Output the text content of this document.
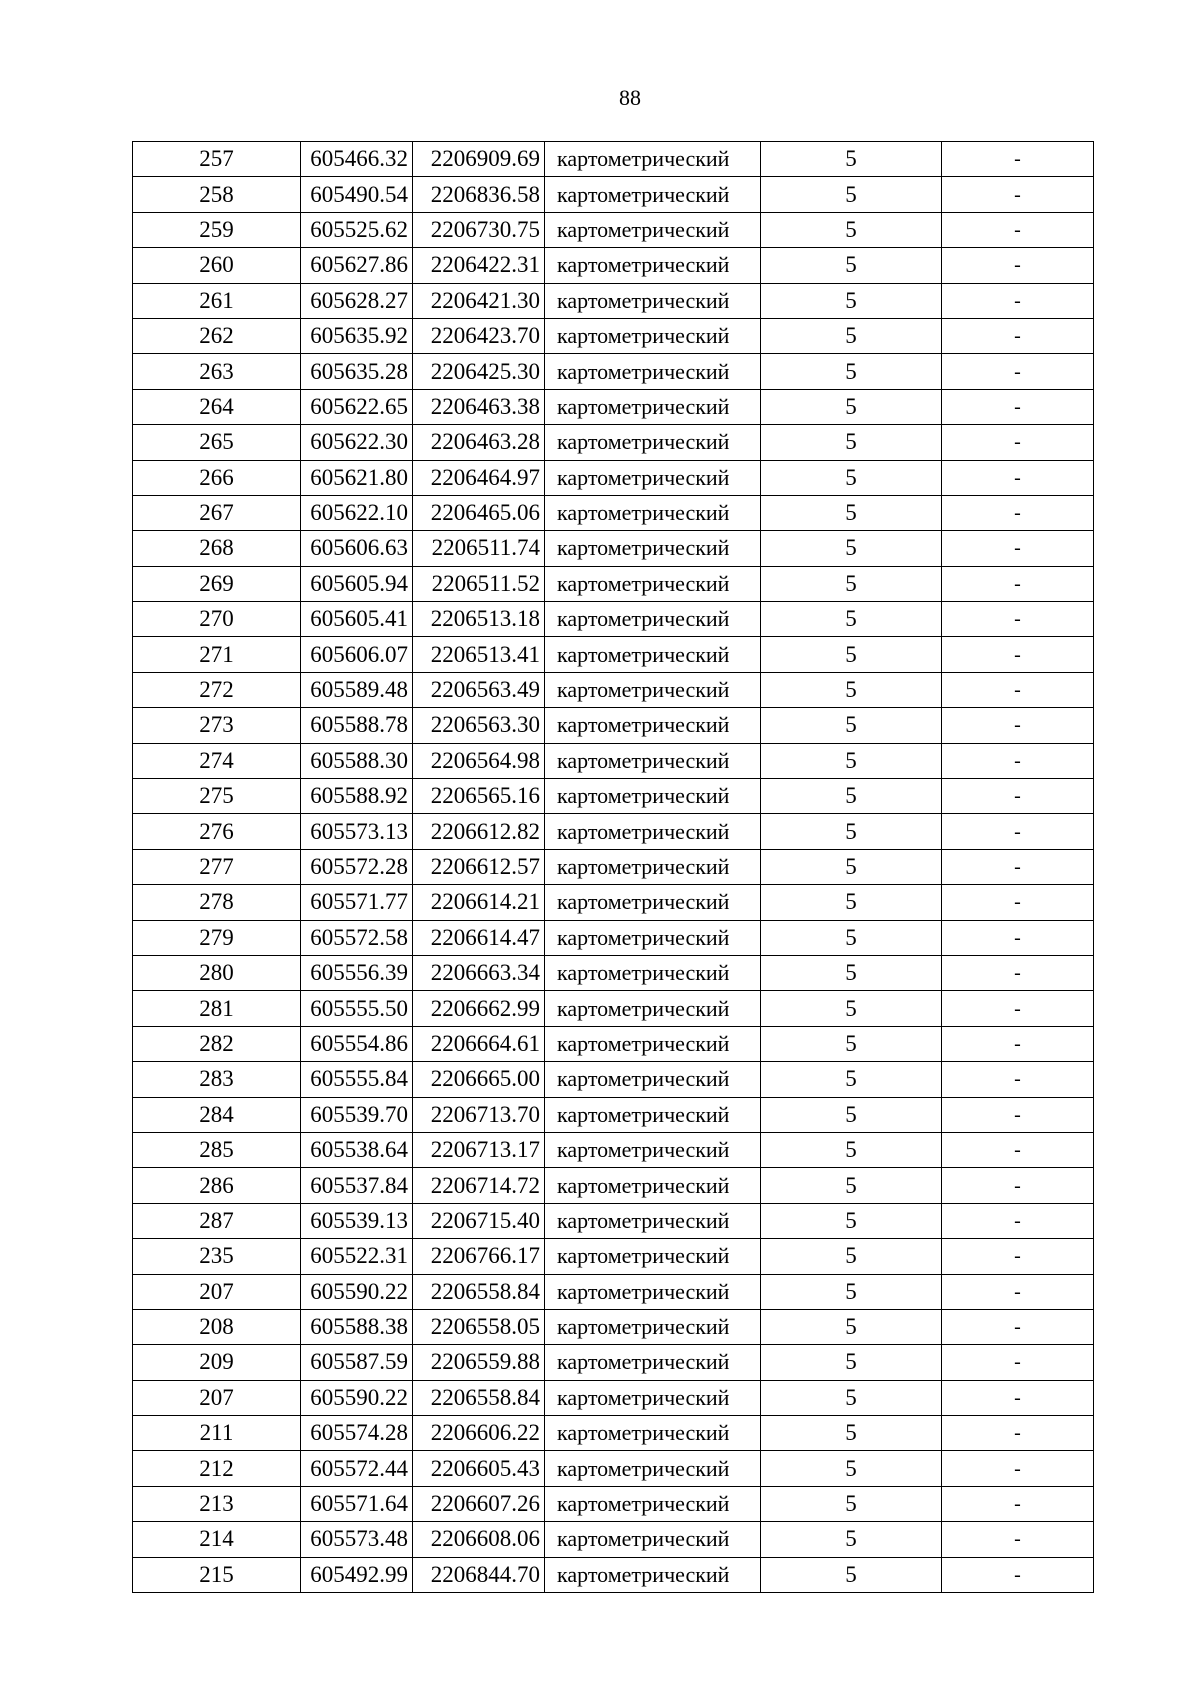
88
257	605466.32	2206909.69	картометрический	5	-
258	605490.54	2206836.58	картометрический	5	-
259	605525.62	2206730.75	картометрический	5	-
260	605627.86	2206422.31	картометрический	5	-
261	605628.27	2206421.30	картометрический	5	-
262	605635.92	2206423.70	картометрический	5	-
263	605635.28	2206425.30	картометрический	5	-
264	605622.65	2206463.38	картометрический	5	-
265	605622.30	2206463.28	картометрический	5	-
266	605621.80	2206464.97	картометрический	5	-
267	605622.10	2206465.06	картометрический	5	-
268	605606.63	2206511.74	картометрический	5	-
269	605605.94	2206511.52	картометрический	5	-
270	605605.41	2206513.18	картометрический	5	-
271	605606.07	2206513.41	картометрический	5	-
272	605589.48	2206563.49	картометрический	5	-
273	605588.78	2206563.30	картометрический	5	-
274	605588.30	2206564.98	картометрический	5	-
275	605588.92	2206565.16	картометрический	5	-
276	605573.13	2206612.82	картометрический	5	-
277	605572.28	2206612.57	картометрический	5	-
278	605571.77	2206614.21	картометрический	5	-
279	605572.58	2206614.47	картометрический	5	-
280	605556.39	2206663.34	картометрический	5	-
281	605555.50	2206662.99	картометрический	5	-
282	605554.86	2206664.61	картометрический	5	-
283	605555.84	2206665.00	картометрический	5	-
284	605539.70	2206713.70	картометрический	5	-
285	605538.64	2206713.17	картометрический	5	-
286	605537.84	2206714.72	картометрический	5	-
287	605539.13	2206715.40	картометрический	5	-
235	605522.31	2206766.17	картометрический	5	-
207	605590.22	2206558.84	картометрический	5	-
208	605588.38	2206558.05	картометрический	5	-
209	605587.59	2206559.88	картометрический	5	-
207	605590.22	2206558.84	картометрический	5	-
211	605574.28	2206606.22	картометрический	5	-
212	605572.44	2206605.43	картометрический	5	-
213	605571.64	2206607.26	картометрический	5	-
214	605573.48	2206608.06	картометрический	5	-
215	605492.99	2206844.70	картометрический	5	-
